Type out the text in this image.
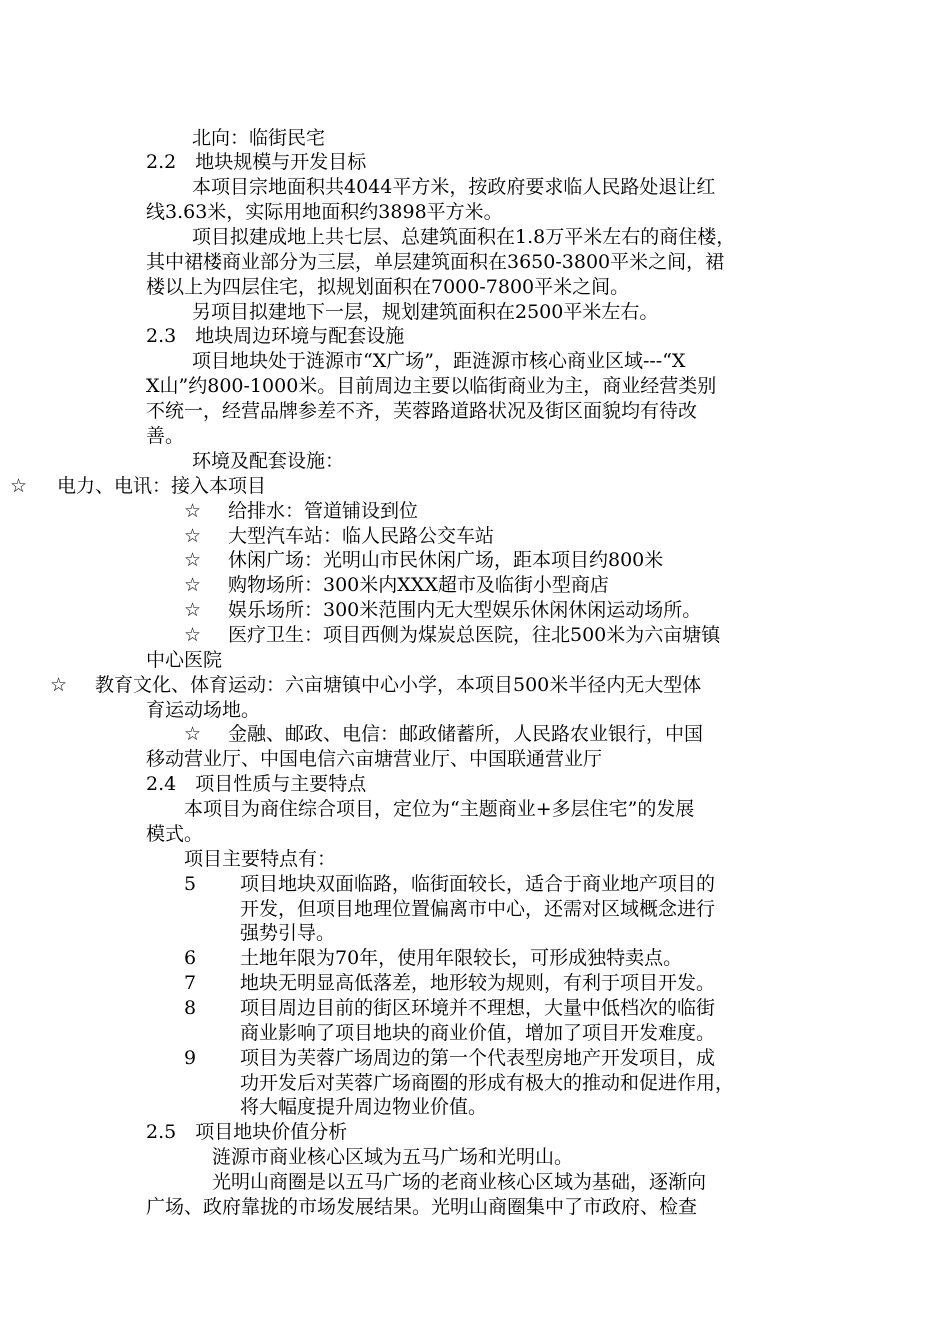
北向：临街民宅
2.2　地块规模与开发目标
本项目宗地面积共4044平方米，按政府要求临人民路处退让红
线3.63米，实际用地面积约3898平方米。
项目拟建成地上共七层、总建筑面积在1.8万平米左右的商住楼，
其中裙楼商业部分为三层，单层建筑面积在3650-3800平米之间，裙
楼以上为四层住宅，拟规划面积在7000-7800平米之间。
另项目拟建地下一层，规划建筑面积在2500平米左右。
2.3　地块周边环境与配套设施
项目地块处于涟源市“X广场”，距涟源市核心商业区域---“X
X山”约800-1000米。目前周边主要以临街商业为主，商业经营类别
不统一，经营品牌参差不齐，芙蓉路道路状况及街区面貌均有待改
善。
环境及配套设施：
☆ 电力、电讯：接入本项目
☆ 给排水：管道铺设到位
☆ 大型汽车站：临人民路公交车站
☆ 休闲广场：光明山市民休闲广场，距本项目约800米
☆ 购物场所：300米内XXX超市及临街小型商店
☆ 娱乐场所：300米范围内无大型娱乐休闲休闲运动场所。
☆ 医疗卫生：项目西侧为煤炭总医院，往北500米为六亩塘镇
中心医院
☆ 教育文化、体育运动：六亩塘镇中心小学，本项目500米半径内无大型体
育运动场地。
☆ 金融、邮政、电信：邮政储蓄所，人民路农业银行，中国
移动营业厅、中国电信六亩塘营业厅、中国联通营业厅
2.4　项目性质与主要特点
本项目为商住综合项目，定位为“主题商业+多层住宅”的发展
模式。
项目主要特点有：
5 项目地块双面临路，临街面较长，适合于商业地产项目的
开发，但项目地理位置偏离市中心，还需对区域概念进行
强势引导。
6 土地年限为70年，使用年限较长，可形成独特卖点。
7 地块无明显高低落差，地形较为规则，有利于项目开发。
8 项目周边目前的街区环境并不理想，大量中低档次的临街
商业影响了项目地块的商业价值，增加了项目开发难度。
9 项目为芙蓉广场周边的第一个代表型房地产开发项目，成
功开发后对芙蓉广场商圈的形成有极大的推动和促进作用，
将大幅度提升周边物业价值。
2.5　项目地块价值分析
涟源市商业核心区域为五马广场和光明山。
光明山商圈是以五马广场的老商业核心区域为基础，逐渐向
广场、政府靠拢的市场发展结果。光明山商圈集中了市政府、检查
